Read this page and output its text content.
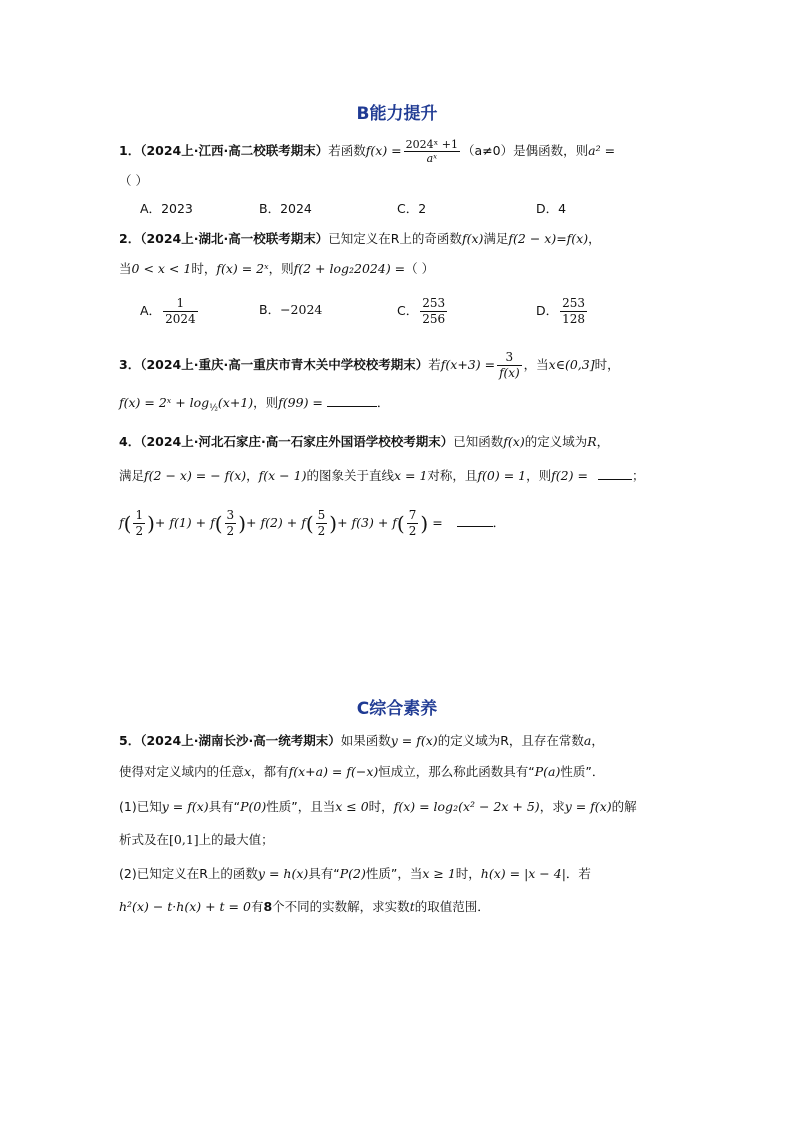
B能力提升
1．（2024上·江西·高二校联考期末）若函数$f(x) = \frac{\text{2024ˣ +1}}{\text{aˣ}} (a\ne 0)$是偶函数，则a² =
（ ）
A．2023	B．2024	C．2	D．4
2．（2024上·湖北·高一校联考期末）已知定义在R上的奇函数f(x)满足f(2 − x)=f(x)，
当0 < x < 1时，f(x) = 2ˣ，则f(2 + log₂2024) =（ ）
A． $\frac{1}{2024}$	B．−2024	C． $\frac{253}{256}$	D． $\frac{253}{128}$
3．（2024上·重庆·高一重庆市青木关中学校校考期末）若$f(x+3) = \frac{3}{f(x)}$ ，当x∈(0,3]时，
f(x) = 2ˣ + $\log_{\frac{1}{2}}(x+1)$，则f(99) =	．
4．（2024上·河北石家庄·高一石家庄外国语学校校考期末）已知函数f(x)的定义域为R，
满足f(2 − x) = − f(x)，f(x − 1)的图象关于直线x = 1对称，且f(0) = 1，则f(2) =	；
$f( \frac{1}{2}$ )+ $f(1) + f( \frac{3}{2}$ )+ $f(2) + f( \frac{5}{2}$ )+ $f(3) + f( \frac{7}{2}$ ) =	．
C综合素养
5．（2024上·湖南长沙·高一统考期末）如果函数y = f(x)的定义域为R，且存在常数a，
使得对定义域内的任意x，都有f(x+a) = f(−x)恒成立，那么称此函数具有“P(a)性质”．
(1)已知y = f(x)具有“P(0)性质”，且当x ≤ 0时，f(x) = log₂(x² − 2x + 5)，求y = f(x)的解
析式及在[0,1]上的最大值；
(2)已知定义在R上的函数y = h(x)具有“P(2)性质”，当x ≥ 1时，h(x) = |x − 4|．若
h²(x) − t·h(x) + t = 0有8个不同的实数解，求实数t的取值范围．
